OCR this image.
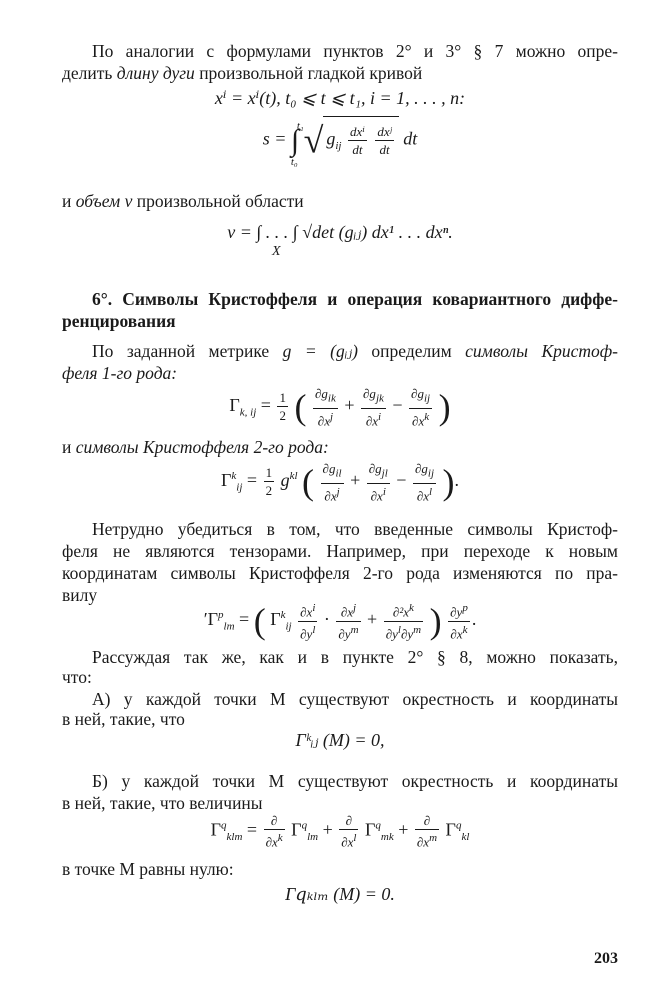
По аналогии с формулами пунктов 2° и 3° § 7 можно опре-

делить длину дуги произвольной гладкой кривой

xⁱ = xⁱ(t), t₀ ⩽ t ⩽ t₁, i = 1, . . . , n:
s = ∫
t₁
t₀
√ $g_{ij} \frac{\text{dxⁱ}}{dt}$
$\frac{\text{dxʲ}}{dt}$ dt

и объем v произвольной области

v = ∫ . . . ∫ √det (gᵢⱼ) dx¹ . . . dxⁿ.
X

6°. Символы Кристоффеля и операция ковариантного диффе-

ренцирования

По заданной метрике g = (gᵢⱼ) определим символы Кристоф-

феля 1-го рода:

$\Gamma_{k, ij} = \frac{1}{2}$ ( $\frac{\partial g_{ik}}{\partial x^j} + \frac{\partial g_{jk}}{\partial x^i} - \frac{\partial g_{ij}}{\partial x^k}$ )

и символы Кристоффеля 2-го рода:

$\Gamma^k_{ij} = \frac{1}{2} g^{kl}$ ( $\frac{\partial g_{il}}{\partial x^j} + \frac{\partial g_{jl}}{\partial x^i} - \frac{\partial g_{ij}}{\partial x^l}$ ).

Нетрудно убедиться в том, что введенные символы Кристоф-

феля не являются тензорами. Например, при переходе к новым

координатам символы Кристоффеля 2-го рода изменяются по пра-

вилу

$'\Gamma^p_{lm}$ = ( $\Gamma^k_{ij} \frac{\partial x^i}{\partial y^l} \cdot \frac{\partial x^j}{\partial y^m} + \frac{\partial^2x^k}{\partial y^l\partial y^m}$ ) $\frac{\partial y^p}{\partial x^k}$ .

Рассуждая так же, как и в пункте 2° § 8, можно показать,

что:

А) у каждой точки M существуют окрестность и координаты

в ней, такие, что

Γᵏᵢⱼ (M) = 0,

Б) у каждой точки M существуют окрестность и координаты

в ней, такие, что величины

$\Gamma^q_{klm} = \frac{\partial}{\partial x^k} \Gamma^q_{lm} + \frac{\partial}{\partial x^l} \Gamma^q_{mk} + \frac{\partial}{\partial x^m} \Gamma^q_{kl}$

в точке M равны нулю:

Γ𝑞ₖₗₘ (M) = 0.
203
